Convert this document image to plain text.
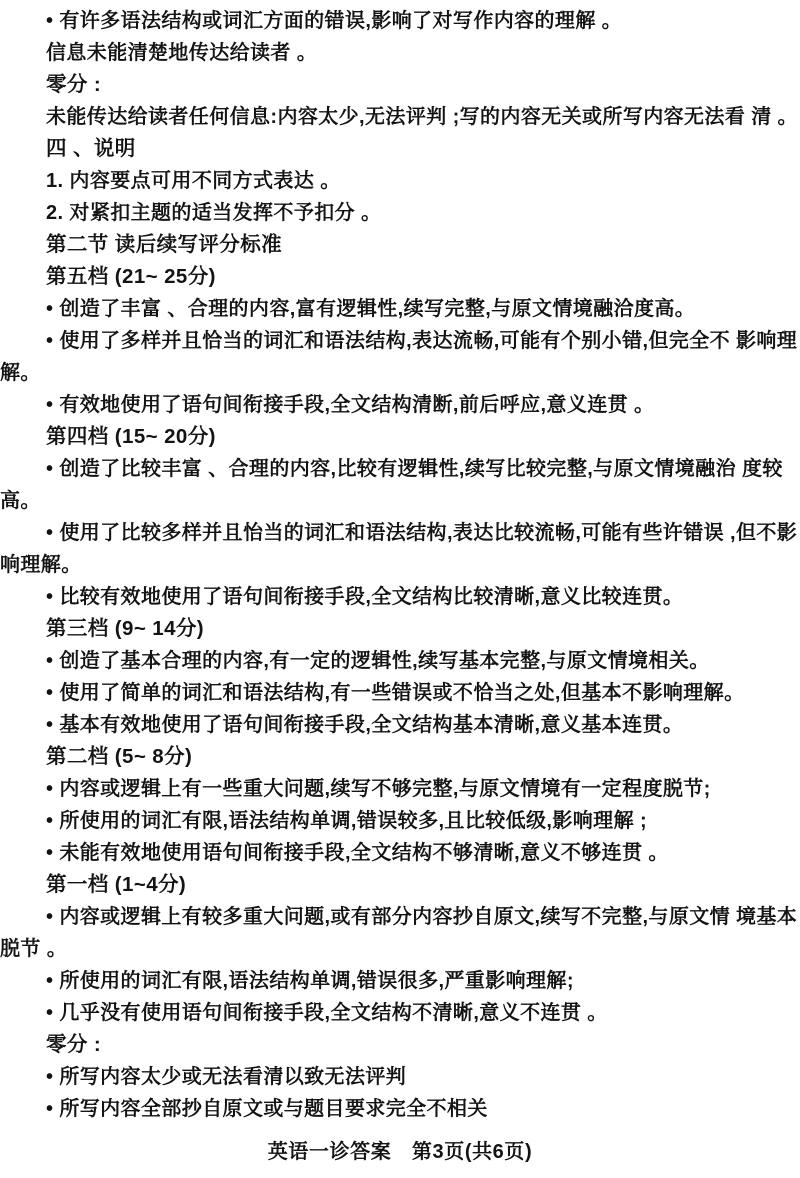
• 有许多语法结构或词汇方面的错误,影响了对写作内容的理解 。

信息未能清楚地传达给读者 。

零分 :

未能传达给读者任何信息:内容太少,无法评判 ;写的内容无关或所写内容无法看 清 。

四 、说明

1. 内容要点可用不同方式表达 。

2. 对紧扣主题的适当发挥不予扣分 。

第二节 读后续写评分标准

第五档 (21~ 25分)

• 创造了丰富 、合理的内容,富有逻辑性,续写完整,与原文情境融洽度高。

• 使用了多样并且恰当的词汇和语法结构,表达流畅,可能有个别小错,但完全不 影响理解。

• 有效地使用了语句间衔接手段,全文结构清断,前后呼应,意义连贯 。

第四档 (15~ 20分)

• 创造了比较丰富 、合理的内容,比较有逻辑性,续写比较完整,与原文情境融治 度较高。

• 使用了比较多样并且怡当的词汇和语法结构,表达比较流畅,可能有些许错误 ,但不影响理解。

• 比较有效地使用了语句间衔接手段,全文结构比较清晰,意义比较连贯。

第三档 (9~ 14分)

• 创造了基本合理的内容,有一定的逻辑性,续写基本完整,与原文情境相关。

• 使用了简单的词汇和语法结构,有一些错误或不恰当之处,但基本不影响理解。

• 基本有效地使用了语句间衔接手段,全文结构基本清晰,意义基本连贯。

第二档 (5~ 8分)

• 内容或逻辑上有一些重大问题,续写不够完整,与原文情境有一定程度脱节;

• 所使用的词汇有限,语法结构单调,错误较多,且比较低级,影响理解 ;

• 未能有效地使用语句间衔接手段,全文结构不够清晰,意义不够连贯 。

第一档 (1~4分)

• 内容或逻辑上有较多重大问题,或有部分内容抄自原文,续写不完整,与原文情 境基本脱节 。

• 所使用的词汇有限,语法结构单调,错误很多,严重影响理解;

• 几乎没有使用语句间衔接手段,全文结构不清晰,意义不连贯 。

零分 :

• 所写内容太少或无法看清以致无法评判

• 所写内容全部抄自原文或与题目要求完全不相关

英语一诊答案　第3页(共6页)
